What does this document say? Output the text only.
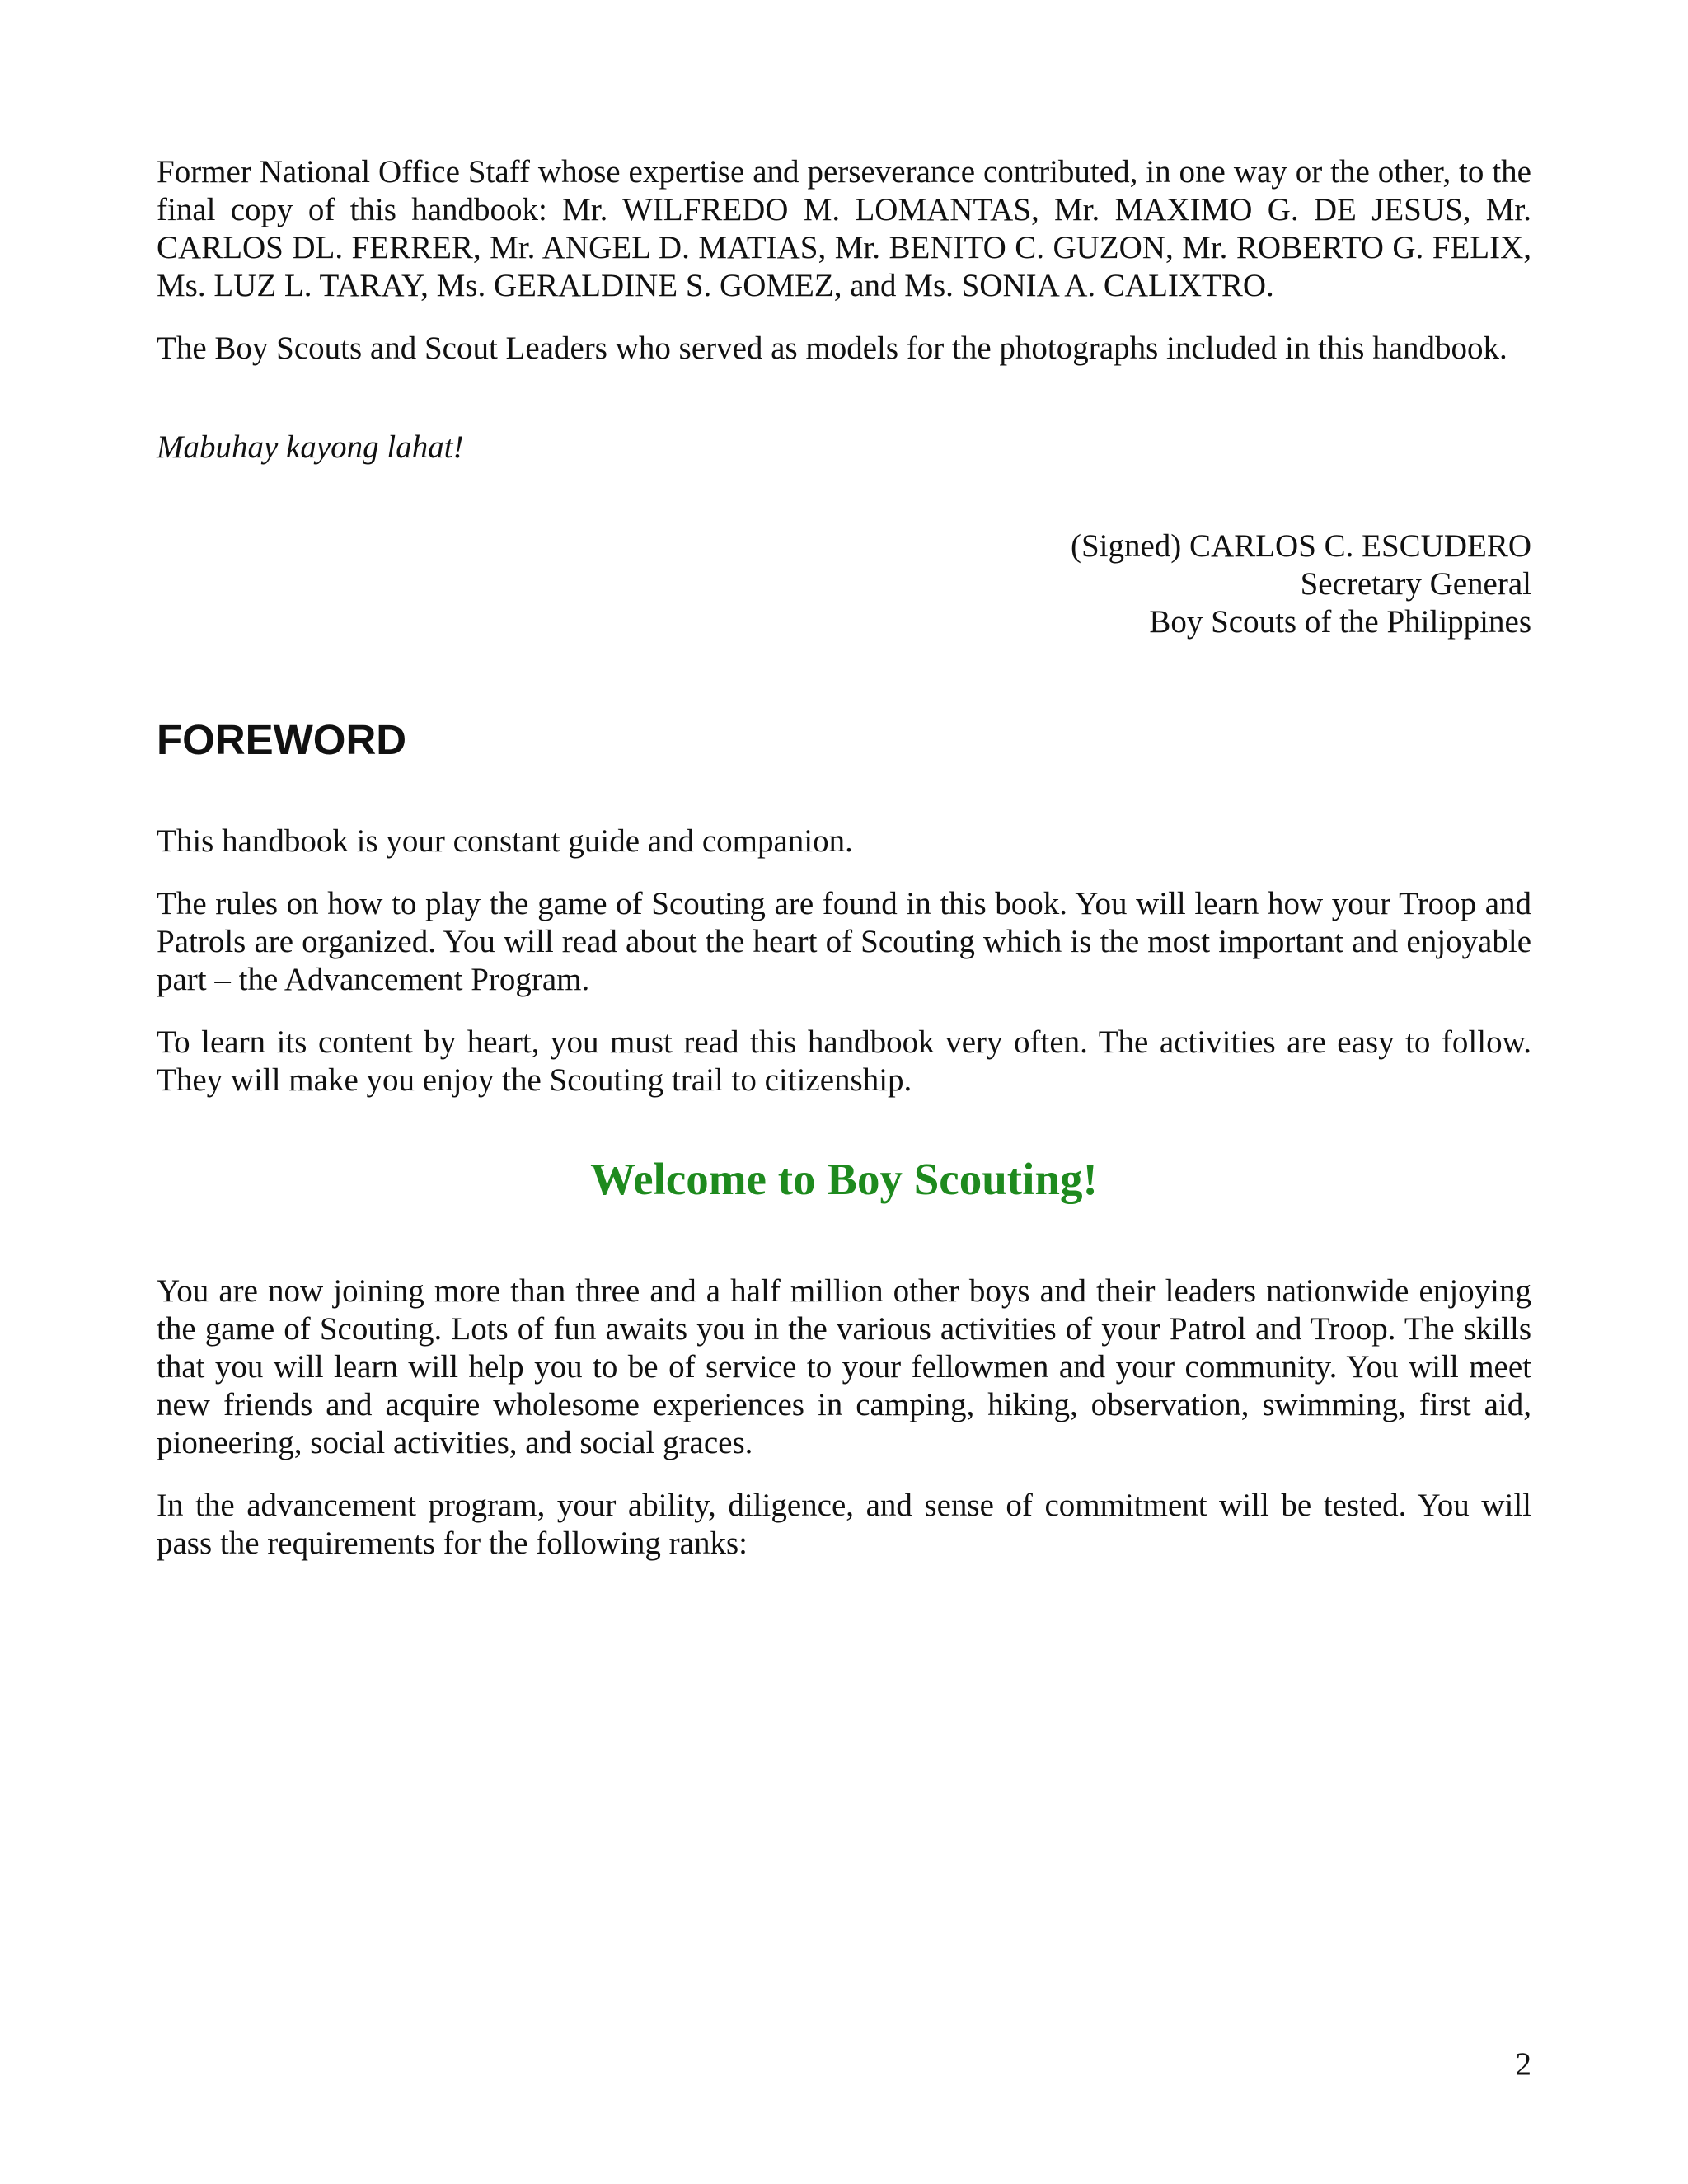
Former National Office Staff whose expertise and perseverance contributed, in one way or the other, to the final copy of this handbook: Mr. WILFREDO M. LOMANTAS, Mr. MAXIMO G. DE JESUS, Mr. CARLOS DL. FERRER, Mr. ANGEL D. MATIAS, Mr. BENITO C. GUZON, Mr. ROBERTO G. FELIX, Ms. LUZ L. TARAY, Ms. GERALDINE S. GOMEZ, and Ms. SONIA A. CALIXTRO.

The Boy Scouts and Scout Leaders who served as models for the photographs included in this handbook.

Mabuhay kayong lahat!

(Signed) CARLOS C. ESCUDERO
Secretary General
Boy Scouts of the Philippines
FOREWORD

This handbook is your constant guide and companion.

The rules on how to play the game of Scouting are found in this book. You will learn how your Troop and Patrols are organized. You will read about the heart of Scouting which is the most important and enjoyable part – the Advancement Program.

To learn its content by heart, you must read this handbook very often. The activities are easy to follow. They will make you enjoy the Scouting trail to citizenship.

Welcome to Boy Scouting!

You are now joining more than three and a half million other boys and their leaders nationwide enjoying the game of Scouting. Lots of fun awaits you in the various activities of your Patrol and Troop. The skills that you will learn will help you to be of service to your fellowmen and your community. You will meet new friends and acquire wholesome experiences in camping, hiking, observation, swimming, first aid, pioneering, social activities, and social graces.

In the advancement program, your ability, diligence, and sense of commitment will be tested. You will pass the requirements for the following ranks:

2
